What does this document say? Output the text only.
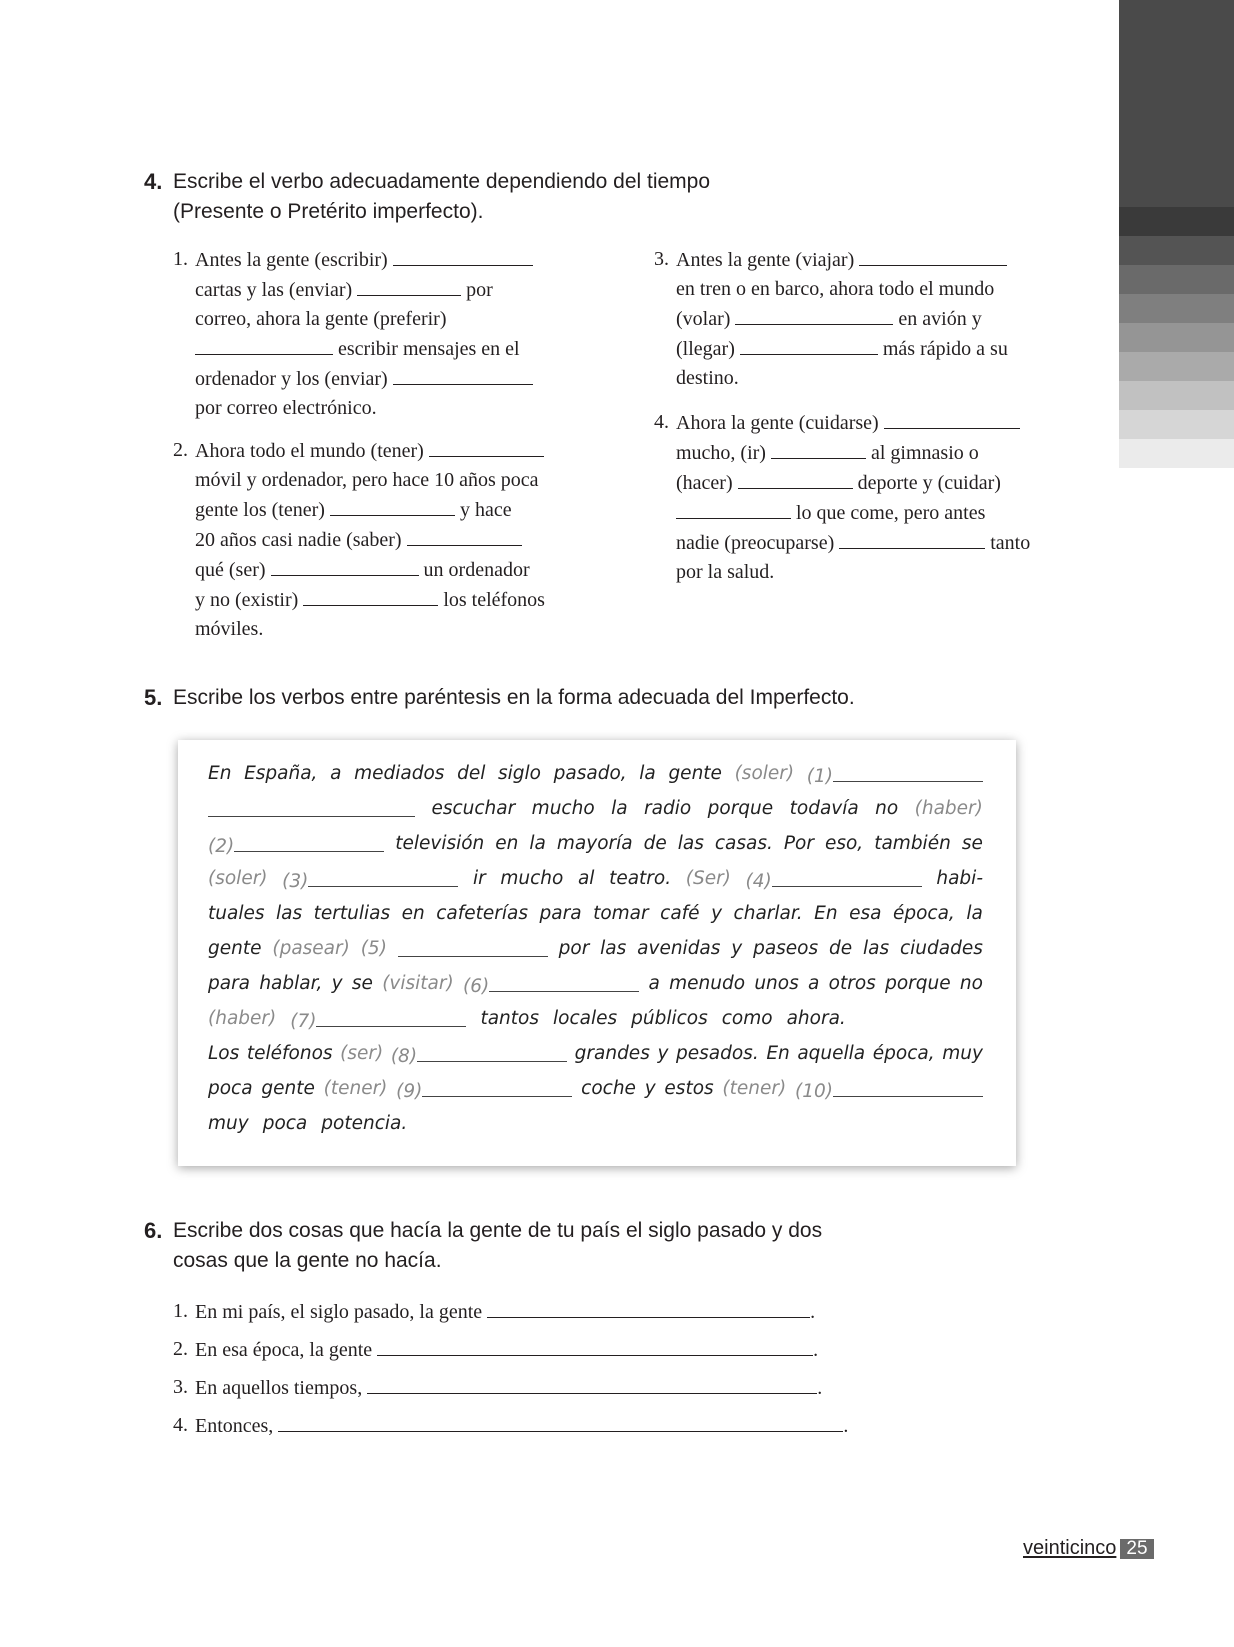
4. Escribe el verbo adecuadamente dependiendo del tiempo
(Presente o Pretérito imperfecto).
1. Antes la gente (escribir)
cartas y las (enviar)	por
correo, ahora la gente (preferir)
escribir mensajes en el
ordenador y los (enviar)
por correo electrónico.
2. Ahora todo el mundo (tener)
móvil y ordenador, pero hace 10 años poca
gente los (tener)	y hace
20 años casi nadie (saber)
qué (ser)	un ordenador
y no (existir)	los teléfonos
móviles.
3. Antes la gente (viajar)
en tren o en barco, ahora todo el mundo
(volar)	en avión y
(llegar)	más rápido a su
destino.
4. Ahora la gente (cuidarse)
mucho, (ir)	al gimnasio o
(hacer)	deporte y (cuidar)
lo que come, pero antes
nadie (preocuparse)	tanto
por la salud.
5. Escribe los verbos entre paréntesis en la forma adecuada del Imperfecto.
En España, a mediados del siglo pasado, la gente (soler) (1)
escuchar mucho la radio porque todavía no (haber)
(2)	televisión en la mayoría de las casas. Por eso, también se
(soler) (3)	ir mucho al teatro. (Ser) (4)	habi-
tuales las tertulias en cafeterías para tomar café y charlar. En esa época, la
gente (pasear) (5)	por las avenidas y paseos de las ciudades
para hablar, y se (visitar) (6)	a menudo unos a otros porque no
(haber) (7)	tantos locales públicos como ahora.
Los teléfonos (ser) (8)	grandes y pesados. En aquella época, muy
poca gente (tener) (9)	coche y estos (tener) (10)
muy poca potencia.
6. Escribe dos cosas que hacía la gente de tu país el siglo pasado y dos
cosas que la gente no hacía.
1. En mi país, el siglo pasado, la gente	.
2. En esa época, la gente	.
3. En aquellos tiempos,	.
4. Entonces,	.
veinticinco 25
